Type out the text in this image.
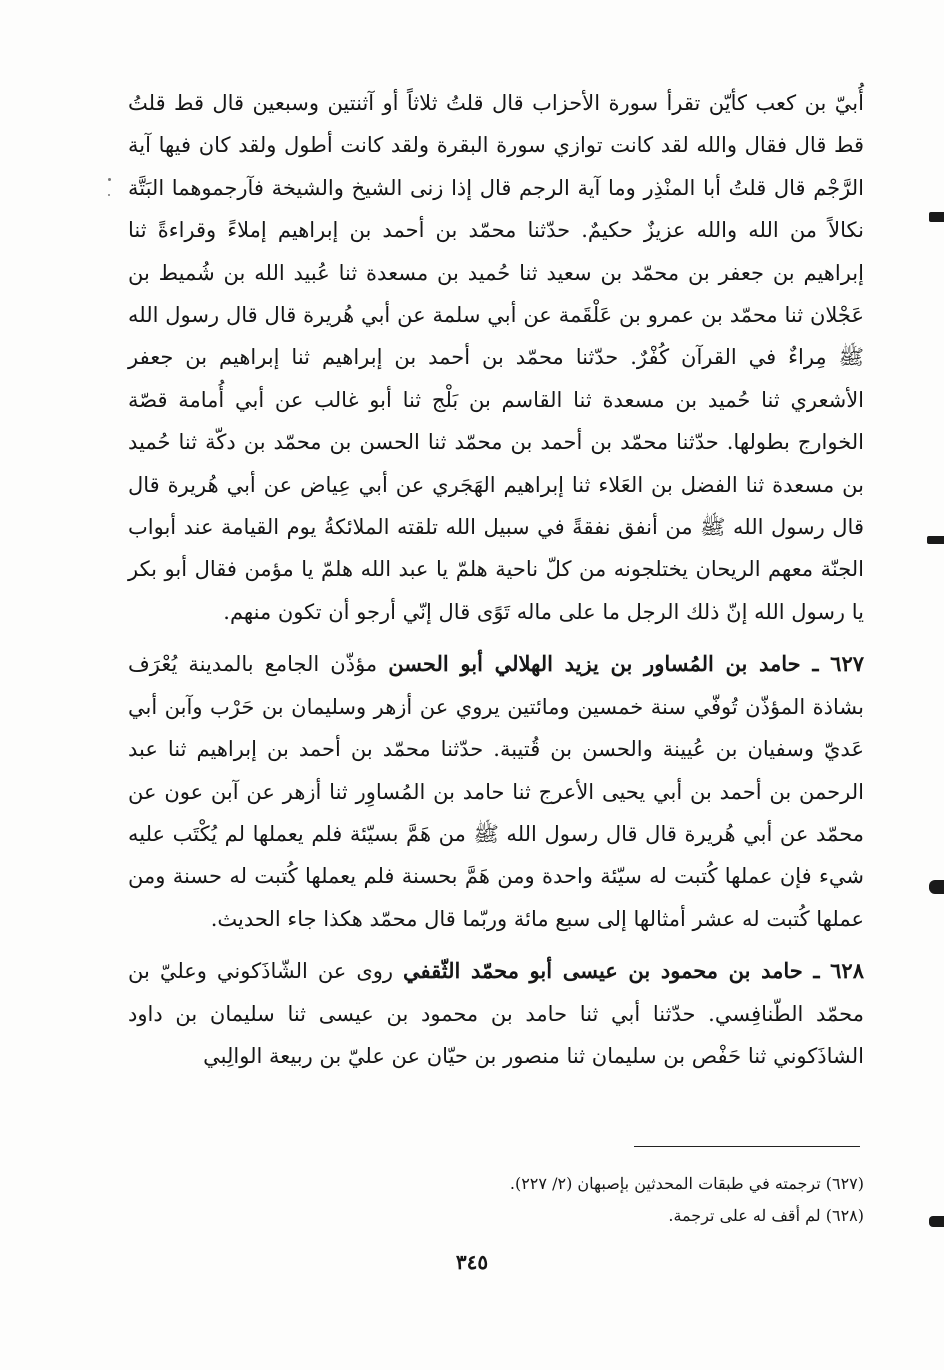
أُبيّ بن كعب كأيّن تقرأ سورة الأحزاب قال قلتُ ثلاثاً أو آثنتين وسبعين قال قط قلتُ قط قال فقال والله لقد كانت توازي سورة البقرة ولقد كانت أطول ولقد كان فيها آية الرَّجْم قال قلتُ أبا المنْذِر وما آية الرجم قال إذا زنى الشيخ والشيخة فآرجموهما البَتَّة نكالاً من الله والله عزيزٌ حكيمٌ. حدّثنا محمّد بن أحمد بن إبراهيم إملاءً وقراءةً ثنا إبراهيم بن جعفر بن محمّد بن سعيد ثنا حُميد بن مسعدة ثنا عُبيد الله بن شُميط بن عَجْلان ثنا محمّد بن عمرو بن عَلْقَمة عن أبي سلمة عن أبي هُريرة قال قال رسول الله ﷺ مِراءٌ في القرآن كُفْرٌ. حدّثنا محمّد بن أحمد بن إبراهيم ثنا إبراهيم بن جعفر الأشعري ثنا حُميد بن مسعدة ثنا القاسم بن بَلْج ثنا أبو غالب عن أبي أُمامة قصّة الخوارج بطولها. حدّثنا محمّد بن أحمد بن محمّد ثنا الحسن بن محمّد بن دكّة ثنا حُميد بن مسعدة ثنا الفضل بن العَلاء ثنا إبراهيم الهَجَري عن أبي عِياض عن أبي هُريرة قال قال رسول الله ﷺ من أنفق نفقةً في سبيل الله تلقته الملائكةُ يوم القيامة عند أبواب الجنّة معهم الريحان يختلجونه من كلّ ناحية هلمّ يا عبد الله هلمّ يا مؤمن فقال أبو بكر يا رسول الله إنّ ذلك الرجل ما على ماله تَوًى قال إنّي أرجو أن تكون منهم.

٦٢٧ ـ حامد بن المُساور بن يزيد الهلالي أبو الحسن مؤذّن الجامع بالمدينة يُعْرَف بشاذة المؤذّن تُوفّي سنة خمسين ومائتين يروي عن أزهر وسليمان بن حَرْب وآبن أبي عَديّ وسفيان بن عُيينة والحسن بن قُتيبة. حدّثنا محمّد بن أحمد بن إبراهيم ثنا عبد الرحمن بن أحمد بن أبي يحيى الأعرج ثنا حامد بن المُساوِر ثنا أزهر عن آبن عون عن محمّد عن أبي هُريرة قال قال رسول الله ﷺ من هَمَّ بسيّئة فلم يعملها لم يُكْتَب عليه شيء فإن عملها كُتبت له سيّئة واحدة ومن هَمَّ بحسنة فلم يعملها كُتبت له حسنة ومن عملها كُتبت له عشر أمثالها إلى سبع مائة وربّما قال محمّد هكذا جاء الحديث.

٦٢٨ ـ حامد بن محمود بن عيسى أبو محمّد الثّقفي روى عن الشّاذَكوني وعليّ بن محمّد الطّنافِسي. حدّثنا أبي ثنا حامد بن محمود بن عيسى ثنا سليمان بن داود الشاذَكوني ثنا حَفْص بن سليمان ثنا منصور بن حيّان عن عليّ بن ربيعة الوالِبي

(٦٢٧) ترجمته في طبقات المحدثين بإصبهان (٢/ ٢٢٧).

(٦٢٨) لم أقف له على ترجمة.

٣٤٥
